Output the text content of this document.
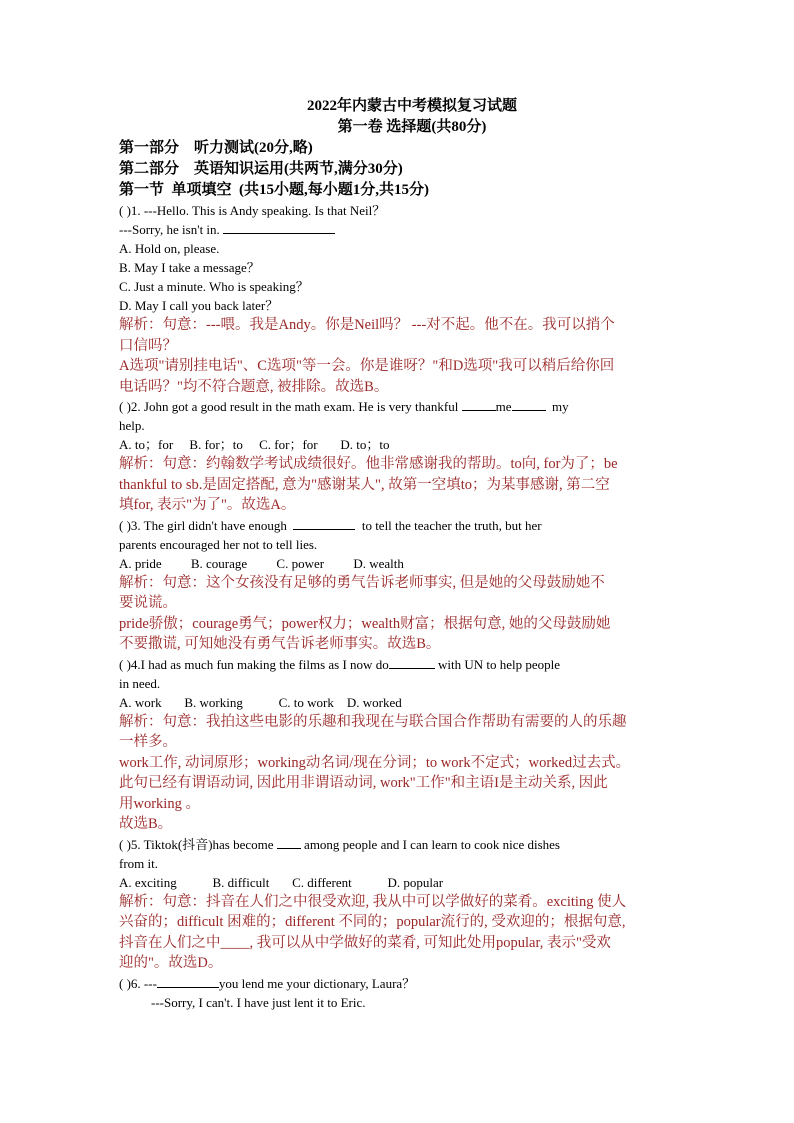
2022年内蒙古中考模拟复习试题
第一卷 选择题(共80分)
第一部分    听力测试(20分,略)
第二部分    英语知识运用(共两节,满分30分)
第一节  单项填空  (共15小题,每小题1分,共15分)
( )1. ---Hello. This is Andy speaking. Is that Neil？
---Sorry, he isn't in.
A. Hold on, please.
B. May I take a message？
C. Just a minute. Who is speaking？
D. May I call you back later？
解析：句意：---喂。我是Andy。你是Neil吗？ ---对不起。他不在。我可以捎个
口信吗？
A选项"请别挂电话"、C选项"等一会。你是谁呀？"和D选项"我可以稍后给你回
电话吗？"均不符合题意, 被排除。故选B。
( )2. John got a good result in the math exam. He is very thankful	me	my
help.
A. to；for B. for；to C. for；for D. to；to
解析：句意：约翰数学考试成绩很好。他非常感谢我的帮助。to向, for为了；be
thankful to sb.是固定搭配, 意为"感谢某人", 故第一空填to；为某事感谢, 第二空
填for, 表示"为了"。故选A。
( )3. The girl didn't have enough	to tell the teacher the truth, but her
parents encouraged her not to tell lies.
A. pride B. courage C. power D. wealth
解析：句意：这个女孩没有足够的勇气告诉老师事实, 但是她的父母鼓励她不
要说谎。
pride骄傲；courage勇气；power权力；wealth财富；根据句意, 她的父母鼓励她
不要撒谎, 可知她没有勇气告诉老师事实。故选B。
( )4.I had as much fun making the films as I now do	with UN to help people
in need.
A. work B. working	C. to work D. worked
解析：句意：我拍这些电影的乐趣和我现在与联合国合作帮助有需要的人的乐趣
一样多。
work工作, 动词原形；working动名词/现在分词；to work不定式；worked过去式。
此句已经有谓语动词, 因此用非谓语动词, work"工作"和主语I是主动关系, 因此
用working 。
故选B。
( )5. Tiktok(抖音)has become among people and I can learn to cook nice dishes
from it.
A. exciting	B. difficult C. different	D. popular
解析：句意：抖音在人们之中很受欢迎, 我从中可以学做好的菜肴。exciting 使人
兴奋的；difficult 困难的；different 不同的；popular流行的, 受欢迎的；根据句意,
抖音在人们之中____, 我可以从中学做好的菜肴, 可知此处用popular, 表示"受欢
迎的"。故选D。
( )6. ---	you lend me your dictionary, Laura？
---Sorry, I can't. I have just lent it to Eric.
